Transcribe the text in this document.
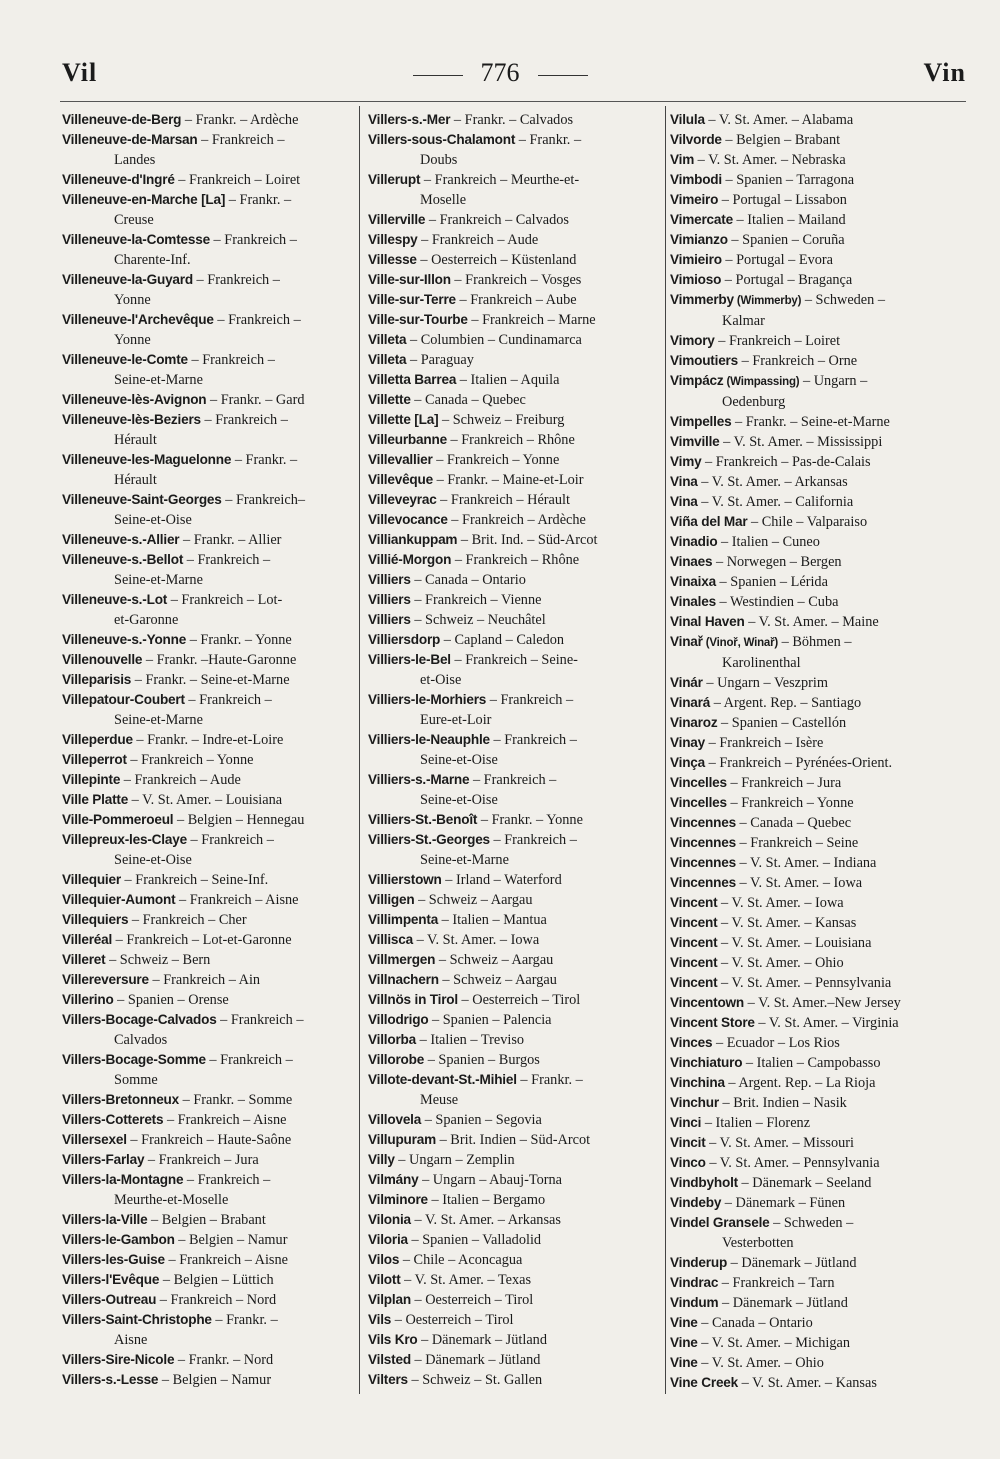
Vil	776	Vin
Villeneuve-de-Berg – Frankr. – Ardèche
Villeneuve-de-Marsan – Frankreich –
Landes
Villeneuve-d'Ingré – Frankreich – Loiret
Villeneuve-en-Marche [La] – Frankr. –
Creuse
Villeneuve-la-Comtesse – Frankreich –
Charente-Inf.
Villeneuve-la-Guyard – Frankreich –
Yonne
Villeneuve-l'Archevêque – Frankreich –
Yonne
Villeneuve-le-Comte – Frankreich –
Seine-et-Marne
Villeneuve-lès-Avignon – Frankr. – Gard
Villeneuve-lès-Beziers – Frankreich –
Hérault
Villeneuve-les-Maguelonne – Frankr. –
Hérault
Villeneuve-Saint-Georges – Frankreich–
Seine-et-Oise
Villeneuve-s.-Allier – Frankr. – Allier
Villeneuve-s.-Bellot – Frankreich –
Seine-et-Marne
Villeneuve-s.-Lot – Frankreich – Lot-
et-Garonne
Villeneuve-s.-Yonne – Frankr. – Yonne
Villenouvelle – Frankr. –Haute-Garonne
Villeparisis – Frankr. – Seine-et-Marne
Villepatour-Coubert – Frankreich –
Seine-et-Marne
Villeperdue – Frankr. – Indre-et-Loire
Villeperrot – Frankreich – Yonne
Villepinte – Frankreich – Aude
Ville Platte – V. St. Amer. – Louisiana
Ville-Pommeroeul – Belgien – Hennegau
Villepreux-les-Claye – Frankreich –
Seine-et-Oise
Villequier – Frankreich – Seine-Inf.
Villequier-Aumont – Frankreich – Aisne
Villequiers – Frankreich – Cher
Villeréal – Frankreich – Lot-et-Garonne
Villeret – Schweiz – Bern
Villereversure – Frankreich – Ain
Villerino – Spanien – Orense
Villers-Bocage-Calvados – Frankreich –
Calvados
Villers-Bocage-Somme – Frankreich –
Somme
Villers-Bretonneux – Frankr. – Somme
Villers-Cotterets – Frankreich – Aisne
Villersexel – Frankreich – Haute-Saône
Villers-Farlay – Frankreich – Jura
Villers-la-Montagne – Frankreich –
Meurthe-et-Moselle
Villers-la-Ville – Belgien – Brabant
Villers-le-Gambon – Belgien – Namur
Villers-les-Guise – Frankreich – Aisne
Villers-l'Evêque – Belgien – Lüttich
Villers-Outreau – Frankreich – Nord
Villers-Saint-Christophe – Frankr. –
Aisne
Villers-Sire-Nicole – Frankr. – Nord
Villers-s.-Lesse – Belgien – Namur
Villers-s.-Mer – Frankr. – Calvados
Villers-sous-Chalamont – Frankr. –
Doubs
Villerupt – Frankreich – Meurthe-et-
Moselle
Villerville – Frankreich – Calvados
Villespy – Frankreich – Aude
Villesse – Oesterreich – Küstenland
Ville-sur-Illon – Frankreich – Vosges
Ville-sur-Terre – Frankreich – Aube
Ville-sur-Tourbe – Frankreich – Marne
Villeta – Columbien – Cundinamarca
Villeta – Paraguay
Villetta Barrea – Italien – Aquila
Villette – Canada – Quebec
Villette [La] – Schweiz – Freiburg
Villeurbanne – Frankreich – Rhône
Villevallier – Frankreich – Yonne
Villevêque – Frankr. – Maine-et-Loir
Villeveyrac – Frankreich – Hérault
Villevocance – Frankreich – Ardèche
Villiankuppam – Brit. Ind. – Süd-Arcot
Villié-Morgon – Frankreich – Rhône
Villiers – Canada – Ontario
Villiers – Frankreich – Vienne
Villiers – Schweiz – Neuchâtel
Villiersdorp – Capland – Caledon
Villiers-le-Bel – Frankreich – Seine-
et-Oise
Villiers-le-Morhiers – Frankreich –
Eure-et-Loir
Villiers-le-Neauphle – Frankreich –
Seine-et-Oise
Villiers-s.-Marne – Frankreich –
Seine-et-Oise
Villiers-St.-Benoît – Frankr. – Yonne
Villiers-St.-Georges – Frankreich –
Seine-et-Marne
Villierstown – Irland – Waterford
Villigen – Schweiz – Aargau
Villimpenta – Italien – Mantua
Villisca – V. St. Amer. – Iowa
Villmergen – Schweiz – Aargau
Villnachern – Schweiz – Aargau
Villnös in Tirol – Oesterreich – Tirol
Villodrigo – Spanien – Palencia
Villorba – Italien – Treviso
Villorobe – Spanien – Burgos
Villote-devant-St.-Mihiel – Frankr. –
Meuse
Villovela – Spanien – Segovia
Villupuram – Brit. Indien – Süd-Arcot
Villy – Ungarn – Zemplin
Vilmány – Ungarn – Abauj-Torna
Vilminore – Italien – Bergamo
Vilonia – V. St. Amer. – Arkansas
Viloria – Spanien – Valladolid
Vilos – Chile – Aconcagua
Vilott – V. St. Amer. – Texas
Vilplan – Oesterreich – Tirol
Vils – Oesterreich – Tirol
Vils Kro – Dänemark – Jütland
Vilsted – Dänemark – Jütland
Vilters – Schweiz – St. Gallen
Vilula – V. St. Amer. – Alabama
Vilvorde – Belgien – Brabant
Vim – V. St. Amer. – Nebraska
Vimbodi – Spanien – Tarragona
Vimeiro – Portugal – Lissabon
Vimercate – Italien – Mailand
Vimianzo – Spanien – Coruña
Vimieiro – Portugal – Evora
Vimioso – Portugal – Bragança
Vimmerby (Wimmerby) – Schweden –
Kalmar
Vimory – Frankreich – Loiret
Vimoutiers – Frankreich – Orne
Vimpácz (Wimpassing) – Ungarn –
Oedenburg
Vimpelles – Frankr. – Seine-et-Marne
Vimville – V. St. Amer. – Mississippi
Vimy – Frankreich – Pas-de-Calais
Vina – V. St. Amer. – Arkansas
Vina – V. St. Amer. – California
Viña del Mar – Chile – Valparaiso
Vinadio – Italien – Cuneo
Vinaes – Norwegen – Bergen
Vinaixa – Spanien – Lérida
Vinales – Westindien – Cuba
Vinal Haven – V. St. Amer. – Maine
Vinař (Vinoř, Winař) – Böhmen –
Karolinenthal
Vinár – Ungarn – Veszprim
Vinará – Argent. Rep. – Santiago
Vinaroz – Spanien – Castellón
Vinay – Frankreich – Isère
Vinça – Frankreich – Pyrénées-Orient.
Vincelles – Frankreich – Jura
Vincelles – Frankreich – Yonne
Vincennes – Canada – Quebec
Vincennes – Frankreich – Seine
Vincennes – V. St. Amer. – Indiana
Vincennes – V. St. Amer. – Iowa
Vincent – V. St. Amer. – Iowa
Vincent – V. St. Amer. – Kansas
Vincent – V. St. Amer. – Louisiana
Vincent – V. St. Amer. – Ohio
Vincent – V. St. Amer. – Pennsylvania
Vincentown – V. St. Amer.–New Jersey
Vincent Store – V. St. Amer. – Virginia
Vinces – Ecuador – Los Rios
Vinchiaturo – Italien – Campobasso
Vinchina – Argent. Rep. – La Rioja
Vinchur – Brit. Indien – Nasik
Vinci – Italien – Florenz
Vincit – V. St. Amer. – Missouri
Vinco – V. St. Amer. – Pennsylvania
Vindbyholt – Dänemark – Seeland
Vindeby – Dänemark – Fünen
Vindel Granselе – Schweden –
Vesterbotten
Vinderup – Dänemark – Jütland
Vindrac – Frankreich – Tarn
Vindum – Dänemark – Jütland
Vine – Canada – Ontario
Vine – V. St. Amer. – Michigan
Vine – V. St. Amer. – Ohio
Vine Creek – V. St. Amer. – Kansas
